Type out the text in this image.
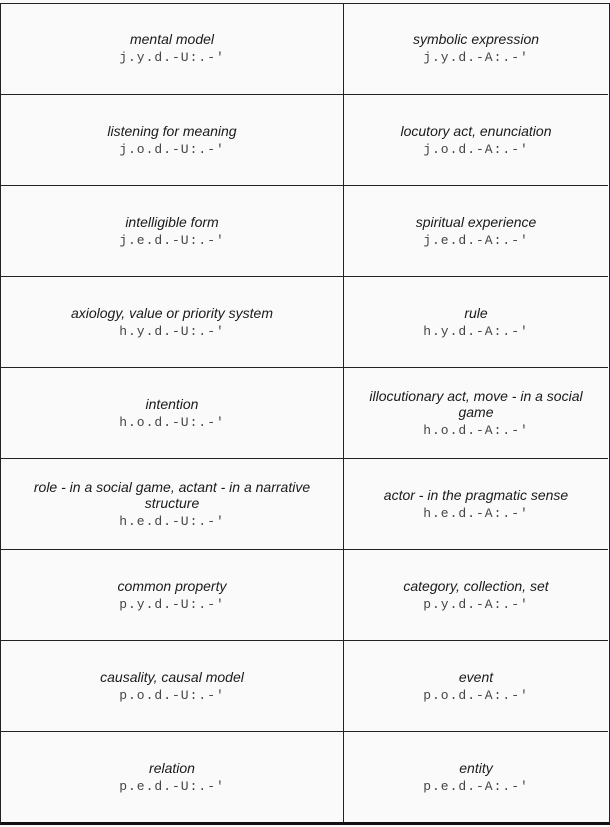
mental model
j.y.d.-U:.-'
symbolic expression
j.y.d.-A:.-'
listening for meaning
j.o.d.-U:.-'
locutory act, enunciation
j.o.d.-A:.-'
intelligible form
j.e.d.-U:.-'
spiritual experience
j.e.d.-A:.-'
axiology, value or priority system
h.y.d.-U:.-'
rule
h.y.d.-A:.-'
intention
h.o.d.-U:.-'
illocutionary act, move - in a social game
h.o.d.-A:.-'
role - in a social game, actant - in a narrative structure
h.e.d.-U:.-'
actor - in the pragmatic sense
h.e.d.-A:.-'
common property
p.y.d.-U:.-'
category, collection, set
p.y.d.-A:.-'
causality, causal model
p.o.d.-U:.-'
event
p.o.d.-A:.-'
relation
p.e.d.-U:.-'
entity
p.e.d.-A:.-'
